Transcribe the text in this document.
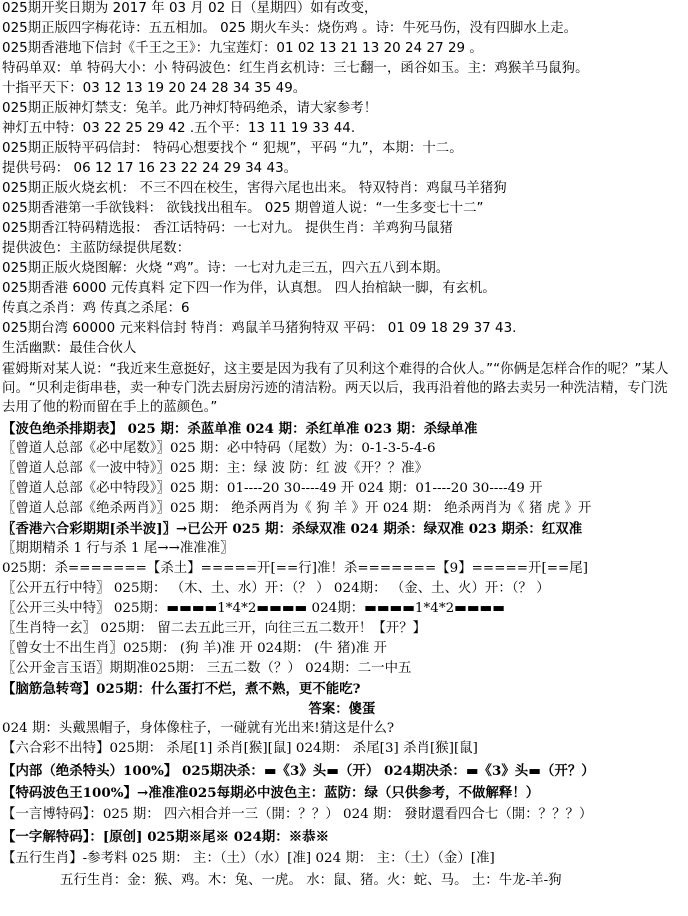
025期开奖日期为 2017 年 03 月 02 日（星期四）如有改变，
025期正版四字梅花诗：五五相加。 025 期火车头：烧伤鸡 。诗：牛死马伤，没有四脚水上走。
025期香港地下信封《千王之王》：九宝莲灯：01 02 13 21 13 20 24 27 29 。
特码单双：单 特码大小：小 特码波色：红生肖玄机诗：三七翻一，函谷如玉。主：鸡猴羊马鼠狗。
十指平天下：03 12 13 19 20 24 28 34 35 49。
025期正版神灯禁支：兔羊。此乃神灯特码绝杀，请大家参考！
神灯五中特：03 22 25 29 42 .五个平：13 11 19 33 44.
025期正版特平码信封： 特码心想要找个 “ 犯规”，平码 “九”，本期：十二。
提供号码： 06 12 17 16 23 22 24 29 34 43。
025期正版火烧玄机： 不三不四在校生，害得六尾也出来。 特双特肖：鸡鼠马羊猪狗
025期香港第一手欲钱料： 欲钱找出租车。 025 期曾道人说：“一生多变七十二”
025期香江特码精选报： 香江话特码：一七对九。 提供生肖：羊鸡狗马鼠猪
提供波色：主蓝防绿提供尾数：
025期正版火烧图解：火烧 “鸡”。诗：一七对九走三五，四六五八到本期。
025期香港 6000 元传真料 定下四一作为伴，认真想。 四人抬棺缺一脚，有玄机。
传真之杀肖：鸡 传真之杀尾：6
025期台湾 60000 元来料信封 特肖：鸡鼠羊马猪狗特双 平码： 01 09 18 29 37 43.
生活幽默：最佳合伙人
霍姆斯对某人说：“我近来生意挺好，这主要是因为我有了贝利这个难得的合伙人。”“你俩是怎样合作的呢？”某人问。“贝利走街串巷，卖一种专门洗去厨房污迹的清洁粉。两天以后，我再沿着他的路去卖另一种洗洁精，专门洗去用了他的粉而留在手上的蓝颜色。”
【波色绝杀排期表】 025 期：杀蓝单准 024 期：杀红单准 023 期：杀绿单准
〖曾道人总部《必中尾数》〗025 期：必中特码（尾数）为：0-1-3-5-4-6
〖曾道人总部《一波中特》〗025 期：主：绿 波 防：红 波《开？？准》
〖曾道人总部《必中特段》〗025 期：01----20 30----49 开 024 期：01----20 30----49 开
〖曾道人总部《绝杀两肖》〗025 期： 绝杀两肖为《 狗 羊 》开 024 期： 绝杀两肖为《 猪 虎 》开
〖香港六合彩期期[杀半波]〗→已公开 025 期：杀绿双准 024 期杀：绿双准 023 期杀：红双准
〖期期精杀 1 行与杀 1 尾→→准准准〗
025期：杀=======【杀土】=====开[==行]准！杀=======【9】=====开[==尾]
〖公开五行中特〗 025期： （木、土、水）开：（？ ） 024期： （金、土、火）开：（？ ）
〖公开三头中特〗 025期：▬▬▬▬1*4*2▬▬▬▬ 024期：▬▬▬▬1*4*2▬▬▬▬
〖生肖特一玄〗 025期： 留二去五此三开，向往三五二数开！【开？】
〖曾女士不出生肖〗025期： (狗 羊)准 开 024期： (牛 猪)准 开
〖公开金言玉语〗期期准025期： 三五二数（？） 024期：二一中五
【脑筋急转弯】025期：什么蛋打不烂，煮不熟，更不能吃?
答案：傻蛋
024 期：头戴黑帽子，身体像柱子，一碰就有光出来!猜这是什么?
【六合彩不出特】025期： 杀尾[1] 杀肖[猴][鼠] 024期： 杀尾[3] 杀肖[猴][鼠]
【内部（绝杀特头）100%】 025期决杀：▬《3》头▬（开） 024期决杀：▬《3》头▬（开？）
【特码波色王100%】→准准准025每期必中波色主：蓝防：绿（只供参考，不做解释！）
【一言博特码】：025 期： 四六相合并一三（開：？？） 024 期： 發財還看四合七（開：？？？）
【一字解特码】：[原创] 025期※尾※ 024期：※恭※
【五行生肖】-参考料 025 期： 主：（土）（水）[准] 024 期： 主：（土）（金）[准]
五行生肖：金：猴、鸡。木：兔、一虎。 水：鼠、猪。火：蛇、马。 土：牛龙-羊-狗
